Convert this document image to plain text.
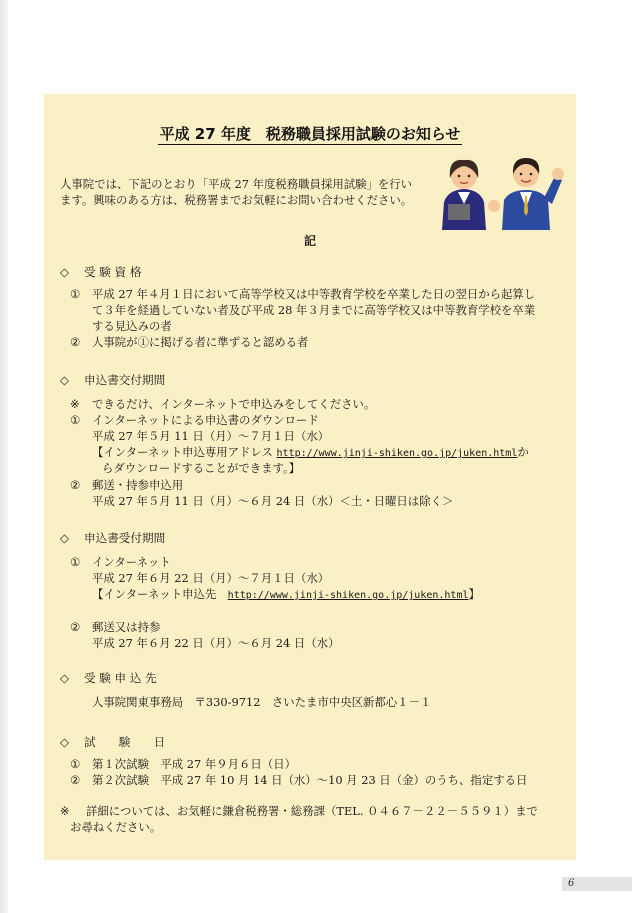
平成 27 年度　税務職員採用試験のお知らせ
人事院では、下記のとおり「平成 27 年度税務職員採用試験」を行い
ます。興味のある方は、税務署までお気軽にお問い合わせください。
記
◇ 受 験 資 格
① 平成 27 年４月１日において高等学校又は中等教育学校を卒業した日の翌日から起算し
て３年を経過していない者及び平成 28 年３月までに高等学校又は中等教育学校を卒業
する見込みの者
② 人事院が①に掲げる者に準ずると認める者
◇ 申込書交付期間
※ できるだけ、インターネットで申込みをしてください。
① インターネットによる申込書のダウンロード
平成 27 年５月 11 日（月）～７月１日（水）
【インターネット申込専用アドレス http://www.jinji-shiken.go.jp/juken.htmlか
らダウンロードすることができます。】
② 郵送・持参申込用
平成 27 年５月 11 日（月）～６月 24 日（水）＜土・日曜日は除く＞
◇ 申込書受付期間
① インターネット
平成 27 年６月 22 日（月）～７月１日（水）
【インターネット申込先　http://www.jinji-shiken.go.jp/juken.html】
② 郵送又は持参
平成 27 年６月 22 日（月）～６月 24 日（水）
◇ 受 験 申 込 先
人事院関東事務局　〒330-9712　さいたま市中央区新都心１－１
◇ 試　　験　　日
① 第１次試験　平成 27 年９月６日（日）
② 第２次試験　平成 27 年 10 月 14 日（水）～10 月 23 日（金）のうち、指定する日
※ 詳細については、お気軽に鎌倉税務署・総務課（TEL. ０４６７－２２－５５９１）まで
お尋ねください。
6
